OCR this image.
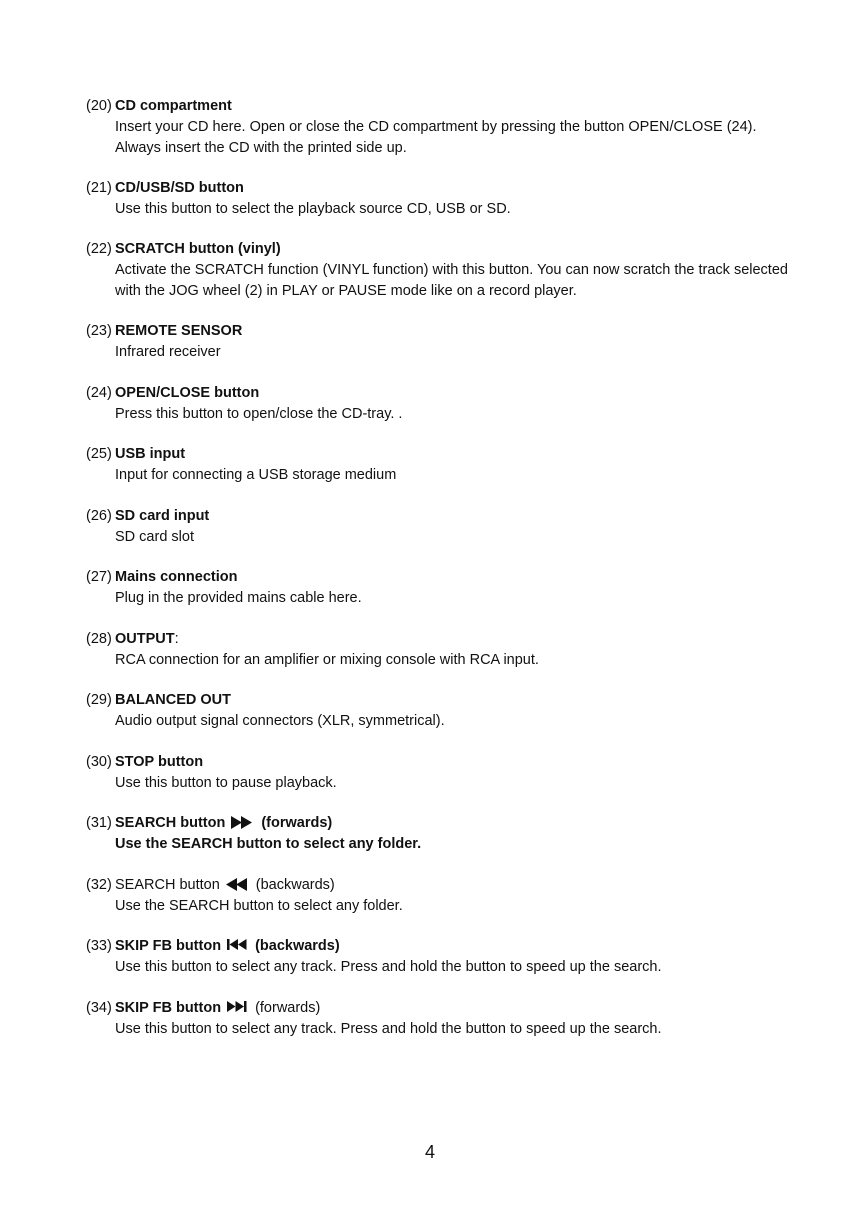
(20) CD compartment
Insert your CD here. Open or close the CD compartment by pressing the button OPEN/CLOSE (24).
Always insert the CD with the printed side up.
(21) CD/USB/SD button
Use this button to select the playback source CD, USB or SD.
(22) SCRATCH button (vinyl)
Activate the SCRATCH function (VINYL function) with this button. You can now scratch the track selected
with the JOG wheel (2) in PLAY or PAUSE mode like on a record player.
(23) REMOTE SENSOR
Infrared receiver
(24) OPEN/CLOSE button
Press this button to open/close the CD-tray. .
(25) USB input
Input for connecting a USB storage medium
(26) SD card input
SD card slot
(27) Mains connection
Plug in the provided mains cable here.
(28) OUTPUT:
RCA connection for an amplifier or mixing console with RCA input.
(29) BALANCED OUT
Audio output signal connectors (XLR, symmetrical).
(30) STOP button
Use this button to pause playback.
(31) SEARCH button (forwards)
Use the SEARCH button to select any folder.
(32) SEARCH button (backwards)
Use the SEARCH button to select any folder.
(33) SKIP FB button (backwards)
Use this button to select any track. Press and hold the button to speed up the search.
(34) SKIP FB button (forwards)
Use this button to select any track. Press and hold the button to speed up the search.
4
